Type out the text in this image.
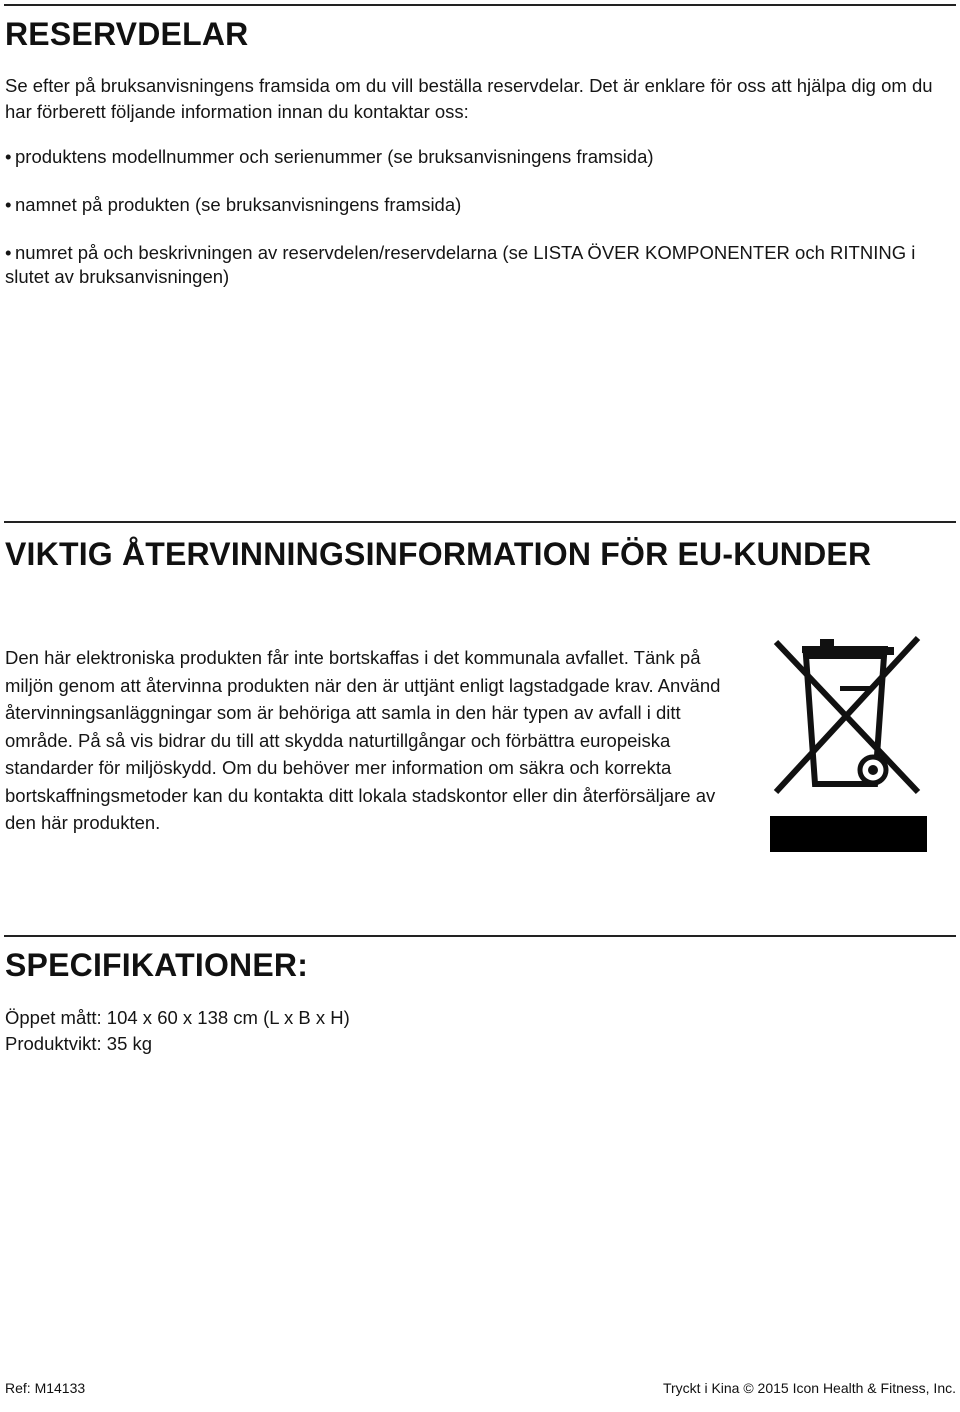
RESERVDELAR

Se efter på bruksanvisningens framsida om du vill beställa reservdelar. Det är enklare för oss att hjälpa dig om du har förberett följande information innan du kontaktar oss:

• produktens modellnummer och serienummer (se bruksanvisningens framsida)
• namnet på produkten (se bruksanvisningens framsida)
• numret på och beskrivningen av reservdelen/reservdelarna (se LISTA ÖVER KOMPONENTER och RITNING i slutet av bruksanvisningen)
VIKTIG ÅTERVINNINGSINFORMATION FÖR EU-KUNDER

Den här elektroniska produkten får inte bortskaffas i det kommunala avfallet. Tänk på miljön genom att återvinna produkten när den är uttjänt enligt lagstadgade krav. Använd återvinningsanläggningar som är behöriga att samla in den här typen av avfall i ditt område. På så vis bidrar du till att skydda naturtillgångar och förbättra europeiska standarder för miljöskydd. Om du behöver mer information om säkra och korrekta bortskaffningsmetoder kan du kontakta ditt lokala stadskontor eller din återförsäljare av den här produkten.

SPECIFIKATIONER:

Öppet mått: 104 x 60 x 138 cm (L x B x H)

Produktvikt: 35 kg

Ref: M14133	Tryckt i Kina © 2015 Icon Health & Fitness, Inc.
